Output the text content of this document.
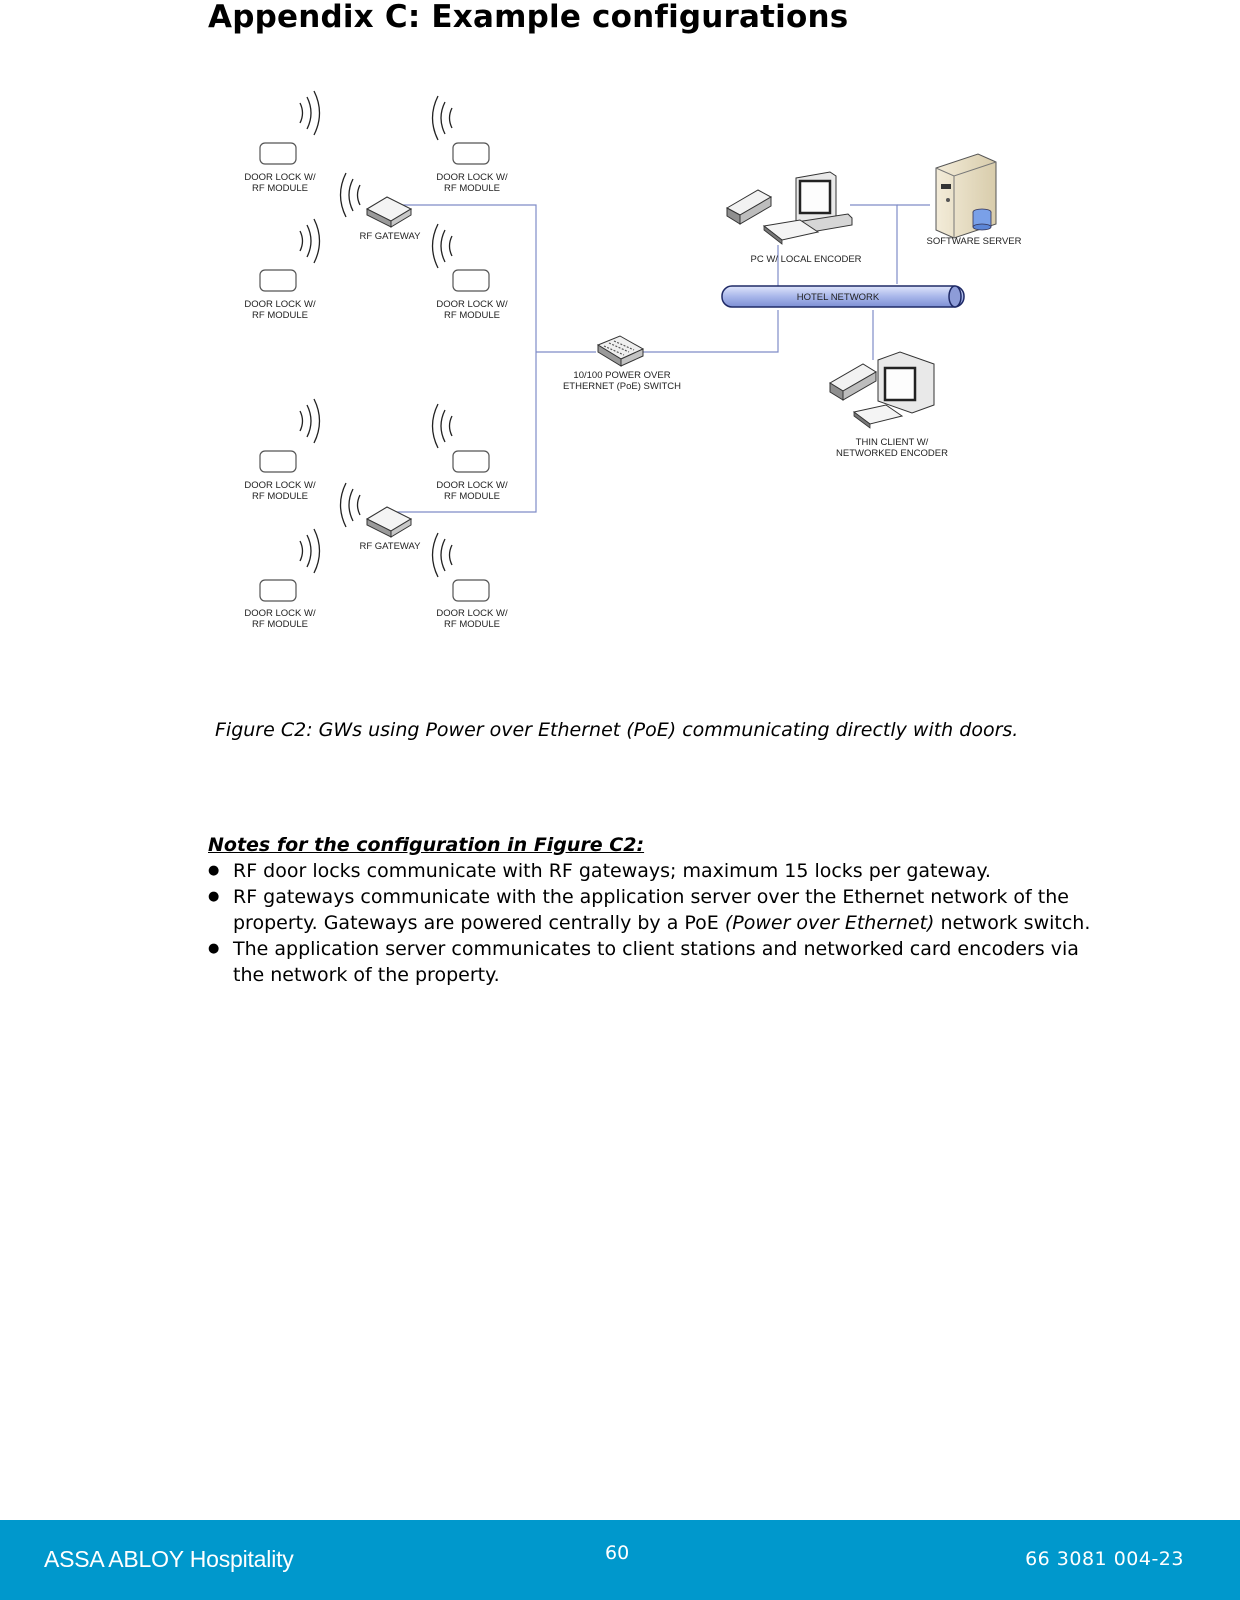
Appendix C: Example configurations
DOOR LOCK W/
RF MODULE
DOOR LOCK W/
RF MODULE
DOOR LOCK W/
RF MODULE
DOOR LOCK W/
RF MODULE
DOOR LOCK W/
RF MODULE
DOOR LOCK W/
RF MODULE
DOOR LOCK W/
RF MODULE
DOOR LOCK W/
RF MODULE
RF GATEWAY
RF GATEWAY
10/100 POWER OVER
ETHERNET (PoE) SWITCH
PC W/ LOCAL ENCODER
SOFTWARE SERVER
HOTEL NETWORK
THIN CLIENT W/
NETWORKED ENCODER

Figure C2: GWs using Power over Ethernet (PoE) communicating directly with doors.

Notes for the configuration in Figure C2:

● RF door locks communicate with RF gateways; maximum 15 locks per gateway.
● RF gateways communicate with the application server over the Ethernet network of the property. Gateways are powered centrally by a PoE (Power over Ethernet) network switch.
● The application server communicates to client stations and networked card encoders via the network of the property.
ASSA ABLOY Hospitality	60	66 3081 004-23
